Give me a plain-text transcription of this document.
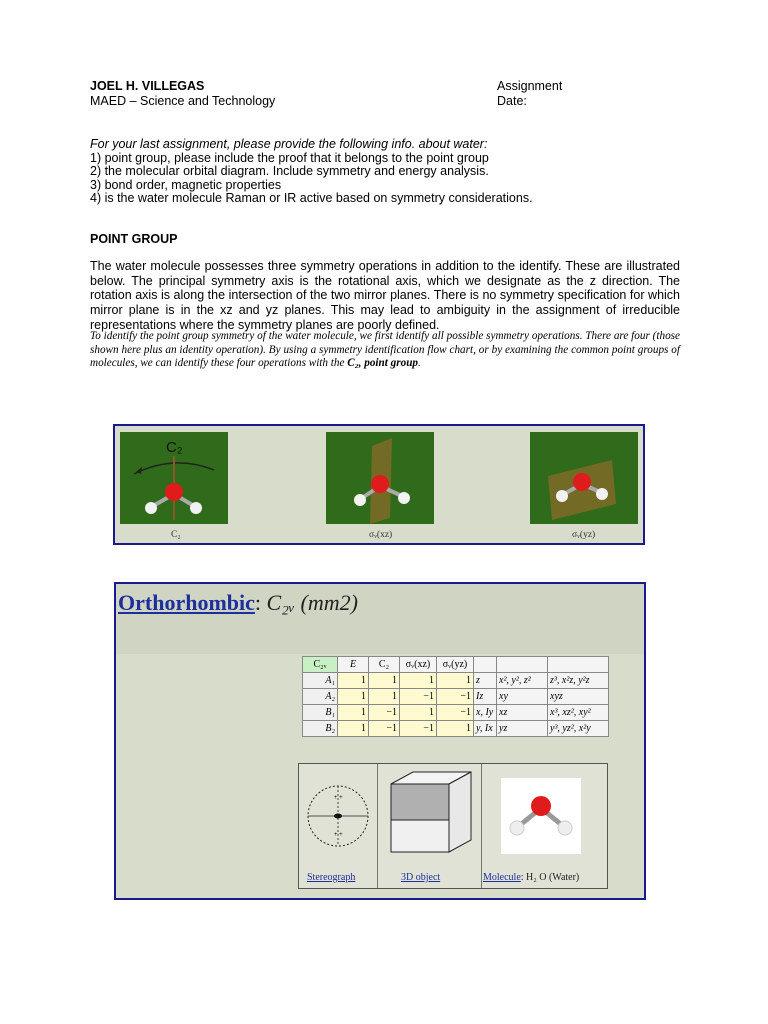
JOEL H. VILLEGAS
MAED – Science and Technology
Assignment
Date:
For your last assignment, please provide the following info. about water:
1) point group, please include the proof that it belongs to the point group
2) the molecular orbital diagram. Include symmetry and energy analysis.
3) bond order, magnetic properties
4) is the water molecule Raman or IR active based on symmetry considerations.
POINT GROUP
The water molecule possesses three symmetry operations in addition to the identify. These are illustrated below. The principal symmetry axis is the rotational axis, which we designate as the z direction. The rotation axis is along the intersection of the two mirror planes. There is no symmetry specification for which mirror plane is in the xz and yz planes. This may lead to ambiguity in the assignment of irreducible representations where the symmetry planes are poorly defined.
To identify the point group symmetry of the water molecule, we first identify all possible symmetry operations. There are four (those shown here plus an identity operation). By using a symmetry identification flow chart, or by examining the common point groups of molecules, we can identify these four operations with the C₂, point group.
C₂
C₂	σᵥ(xz)	σᵥ(yz)
Orthorhombic: C₂ᵥ (mm2)
C₂ᵥ	E	C₂	σᵥ(xz)	σᵥ(yz)			
A₁	1	1	1	1	z	x², y², z²	z³, x²z, y²z
A₂	1	1	−1	−1	Iz	xy	xyz
B₁	1	−1	1	−1	x, Iy	xz	x³, xz², xy²
B₂	1	−1	−1	1	y, Ix	yz	y³, yz², x²y
+ +
+ +
Stereograph	3D object	Molecule: H₂ O (Water)
